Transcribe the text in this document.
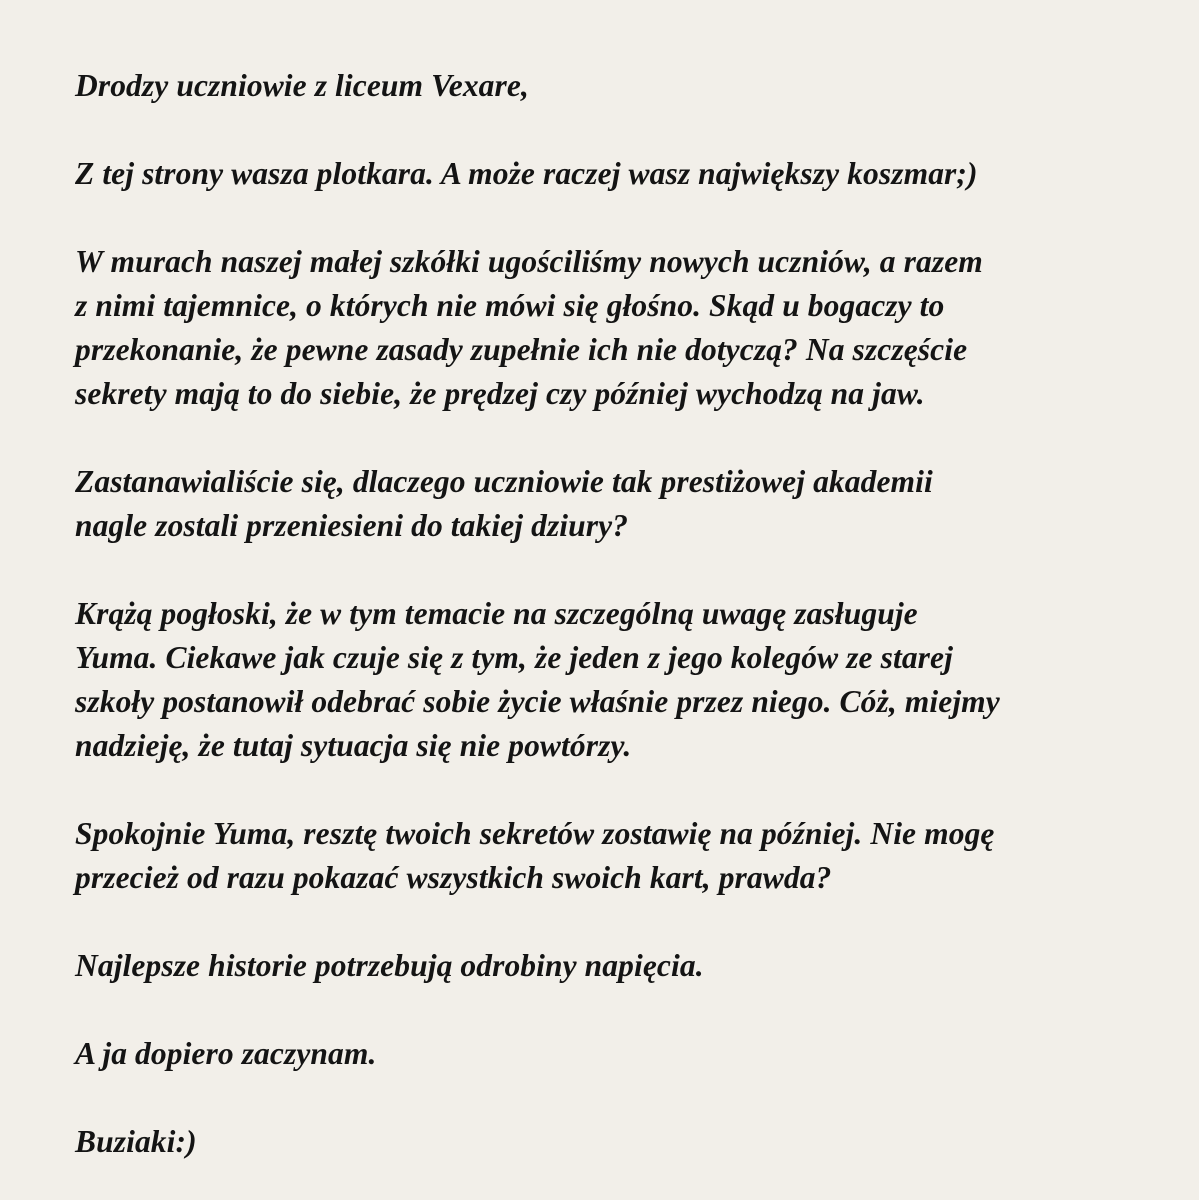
Drodzy uczniowie z liceum Vexare,

Z tej strony wasza plotkara. A może raczej wasz największy koszmar;)

W murach naszej małej szkółki ugościliśmy nowych uczniów, a razem
z nimi tajemnice, o których nie mówi się głośno. Skąd u bogaczy to
przekonanie, że pewne zasady zupełnie ich nie dotyczą? Na szczęście
sekrety mają to do siebie, że prędzej czy później wychodzą na jaw.

Zastanawialiście się, dlaczego uczniowie tak prestiżowej akademii
nagle zostali przeniesieni do takiej dziury?

Krążą pogłoski, że w tym temacie na szczególną uwagę zasługuje
Yuma. Ciekawe jak czuje się z tym, że jeden z jego kolegów ze starej
szkoły postanowił odebrać sobie życie właśnie przez niego. Cóż, miejmy
nadzieję, że tutaj sytuacja się nie powtórzy.

Spokojnie Yuma, resztę twoich sekretów zostawię na później. Nie mogę
przecież od razu pokazać wszystkich swoich kart, prawda?

Najlepsze historie potrzebują odrobiny napięcia.

A ja dopiero zaczynam.

Buziaki:)
